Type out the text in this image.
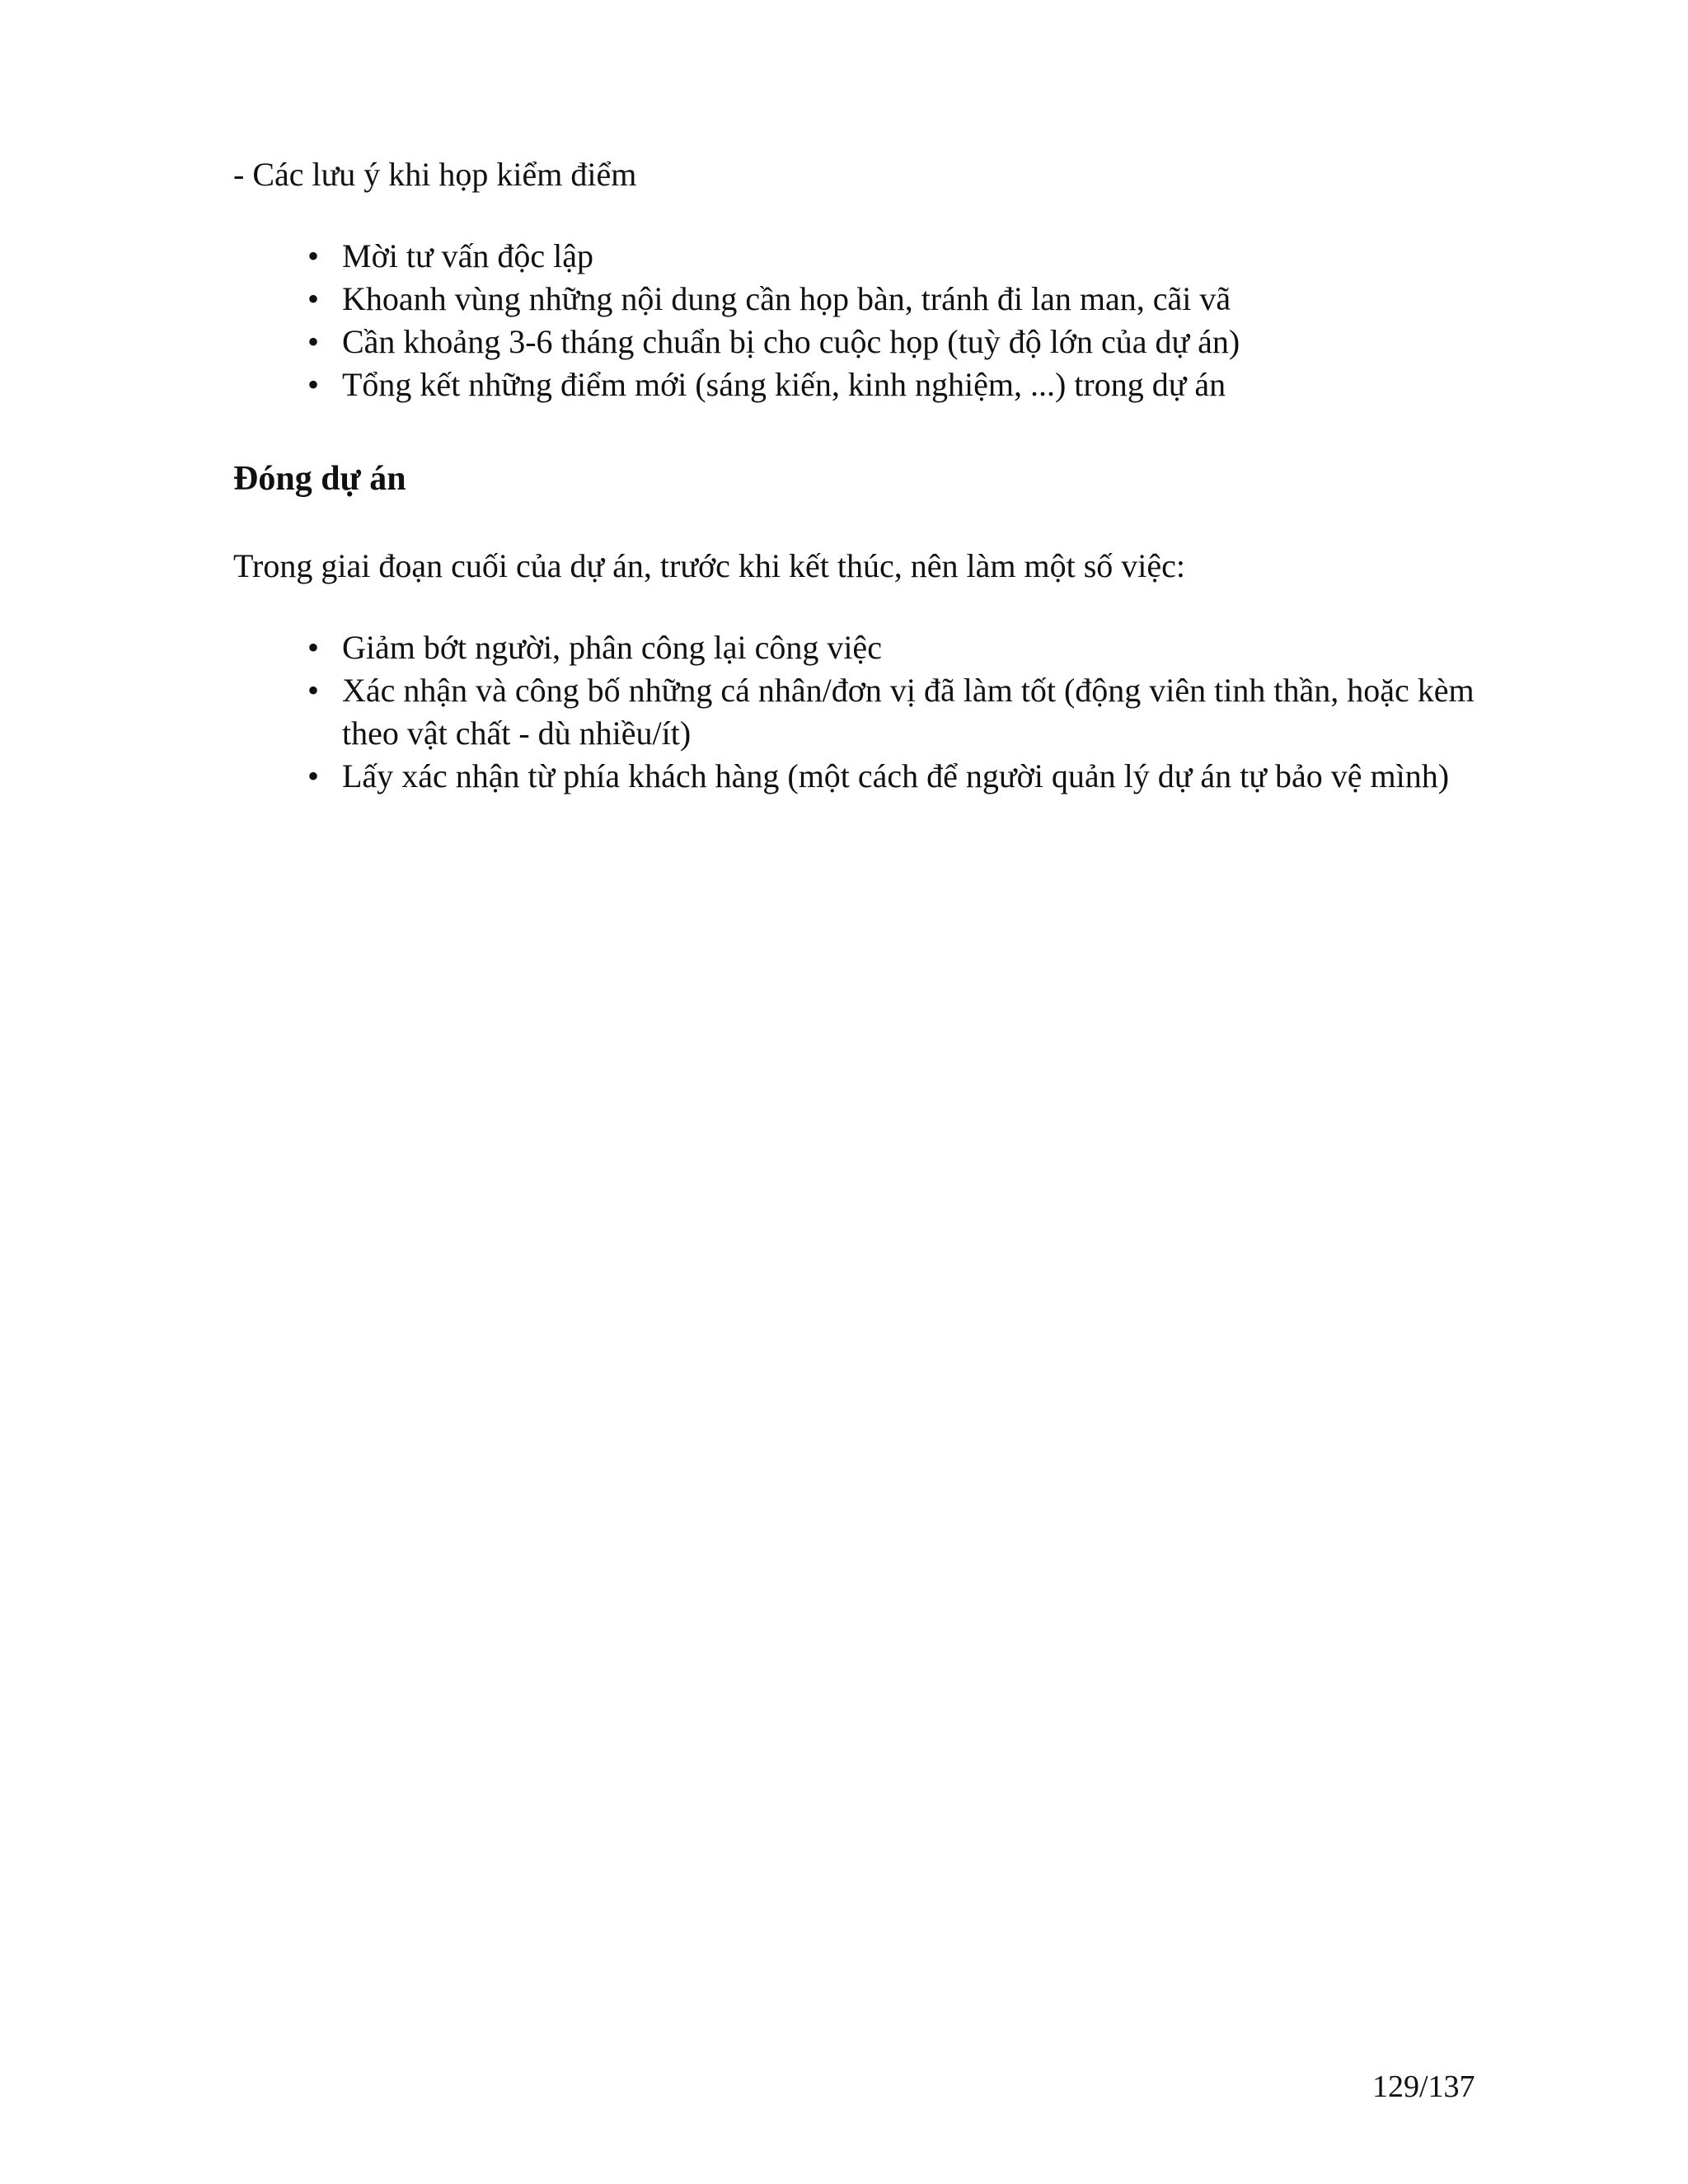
- Các lưu ý khi họp kiểm điểm

• Mời tư vấn độc lập
• Khoanh vùng những nội dung cần họp bàn, tránh đi lan man, cãi vã
• Cần khoảng 3-6 tháng chuẩn bị cho cuộc họp (tuỳ độ lớn của dự án)
• Tổng kết những điểm mới (sáng kiến, kinh nghiệm, ...) trong dự án
Đóng dự án

Trong giai đoạn cuối của dự án, trước khi kết thúc, nên làm một số việc:

• Giảm bớt người, phân công lại công việc
• Xác nhận và công bố những cá nhân/đơn vị đã làm tốt (động viên tinh thần, hoặc kèm theo vật chất - dù nhiều/ít)
• Lấy xác nhận từ phía khách hàng (một cách để người quản lý dự án tự bảo vệ mình)
129/137
